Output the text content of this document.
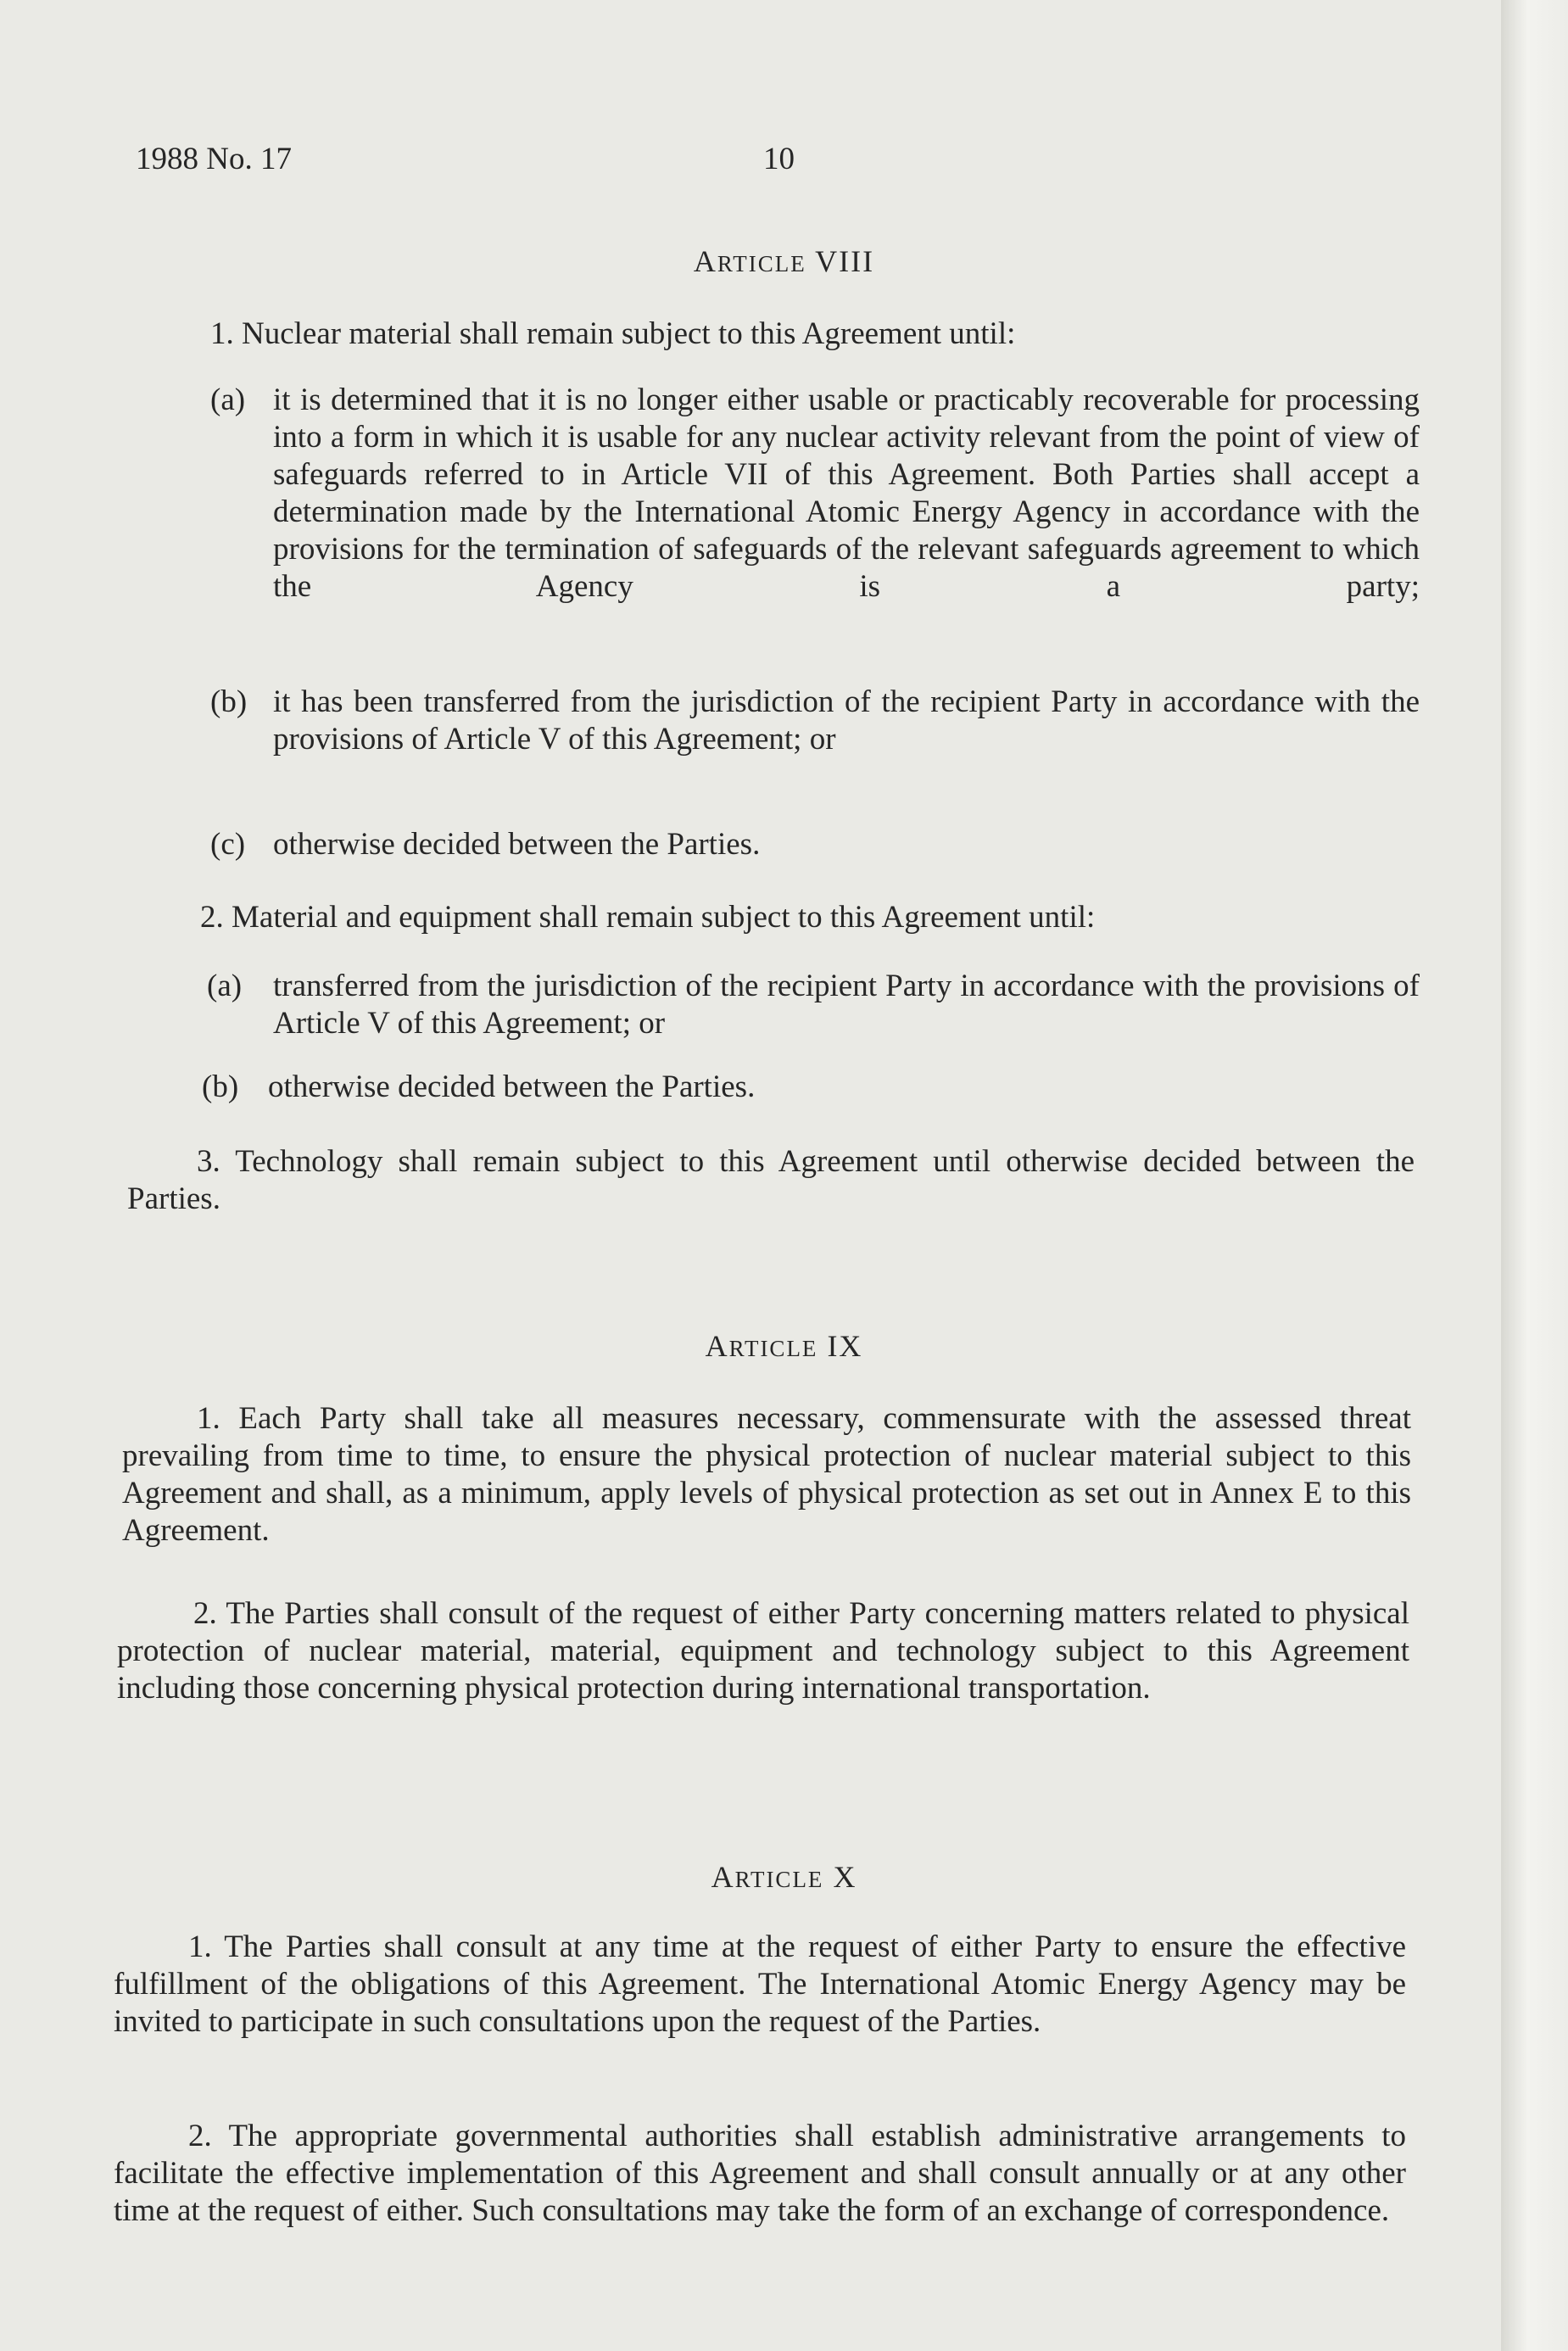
1988 No. 17	10
ARTICLE VIII
1. Nuclear material shall remain subject to this Agreement until:
(a) it is determined that it is no longer either usable or practicably recoverable for processing into a form in which it is usable for any nuclear activity relevant from the point of view of safeguards referred to in Article VII of this Agreement. Both Parties shall accept a determination made by the International Atomic Energy Agency in accordance with the provisions for the termination of safeguards of the relevant safeguards agreement to which the Agency is a party;
(b) it has been transferred from the jurisdiction of the recipient Party in accordance with the provisions of Article V of this Agreement; or
(c) otherwise decided between the Parties.
2. Material and equipment shall remain subject to this Agreement until:
(a) transferred from the jurisdiction of the recipient Party in accordance with the provisions of Article V of this Agreement; or
(b) otherwise decided between the Parties.
3. Technology shall remain subject to this Agreement until otherwise decided between the Parties.
ARTICLE IX
1. Each Party shall take all measures necessary, commensurate with the assessed threat prevailing from time to time, to ensure the physical protection of nuclear material subject to this Agreement and shall, as a minimum, apply levels of physical protection as set out in Annex E to this Agreement.
2. The Parties shall consult of the request of either Party concerning matters related to physical protection of nuclear material, material, equipment and technology subject to this Agreement including those concerning physical protection during international transportation.
ARTICLE X
1. The Parties shall consult at any time at the request of either Party to ensure the effective fulfillment of the obligations of this Agreement. The International Atomic Energy Agency may be invited to participate in such consultations upon the request of the Parties.
2. The appropriate governmental authorities shall establish administrative arrangements to facilitate the effective implementation of this Agreement and shall consult annually or at any other time at the request of either. Such consultations may take the form of an exchange of correspondence.
